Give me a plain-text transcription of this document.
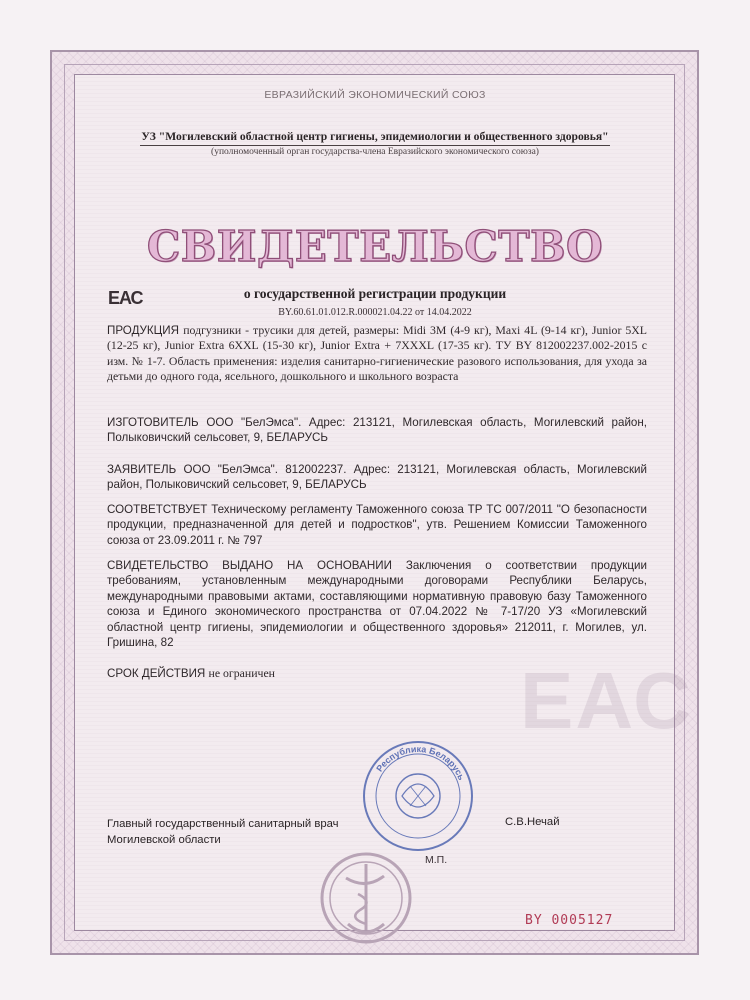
ЕАС
ЕВРАЗИЙСКИЙ ЭКОНОМИЧЕСКИЙ СОЮЗ
УЗ "Могилевский областной центр гигиены, эпидемиологии и общественного здоровья"
(уполномоченный орган государства-члена Евразийского экономического союза)
СВИДЕТЕЛЬСТВО
ЕАС	о государственной регистрации продукции
BY.60.61.01.012.R.000021.04.22 от 14.04.2022
ПРОДУКЦИЯ подгузники - трусики для детей, размеры: Midi 3M (4-9 кг), Maxi 4L (9-14 кг), Junior 5XL (12-25 кг), Junior Extra 6XXL (15-30 кг), Junior Extra + 7XXXL (17-35 кг). ТУ BY 812002237.002-2015 с изм. № 1-7. Область применения: изделия санитарно-гигиенические разового использования, для ухода за детьми до одного года, ясельного, дошкольного и школьного возраста
ИЗГОТОВИТЕЛЬ ООО "БелЭмса". Адрес: 213121, Могилевская область, Могилевский район, Полыковичский сельсовет, 9, БЕЛАРУСЬ
ЗАЯВИТЕЛЬ ООО "БелЭмса". 812002237. Адрес: 213121, Могилевская область, Могилевский район, Полыковичский сельсовет, 9, БЕЛАРУСЬ
СООТВЕТСТВУЕТ Техническому регламенту Таможенного союза ТР ТС 007/2011 "О безопасности продукции, предназначенной для детей и подростков", утв. Решением Комиссии Таможенного союза от 23.09.2011 г. № 797
СВИДЕТЕЛЬСТВО ВЫДАНО НА ОСНОВАНИИ Заключения о соответствии продукции требованиям, установленным международными договорами Республики Беларусь, международными правовыми актами, составляющими нормативную правовую базу Таможенного союза и Единого экономического пространства от 07.04.2022 № 7-17/20 УЗ «Могилевский областной центр гигиены, эпидемиологии и общественного здоровья» 212011, г. Могилев, ул. Гришина, 82
СРОК ДЕЙСТВИЯ не ограничен
Республика Беларусь
Главный государственный санитарный врач
Могилевской области
С.В.Нечай
М.П.
BY 0005127
